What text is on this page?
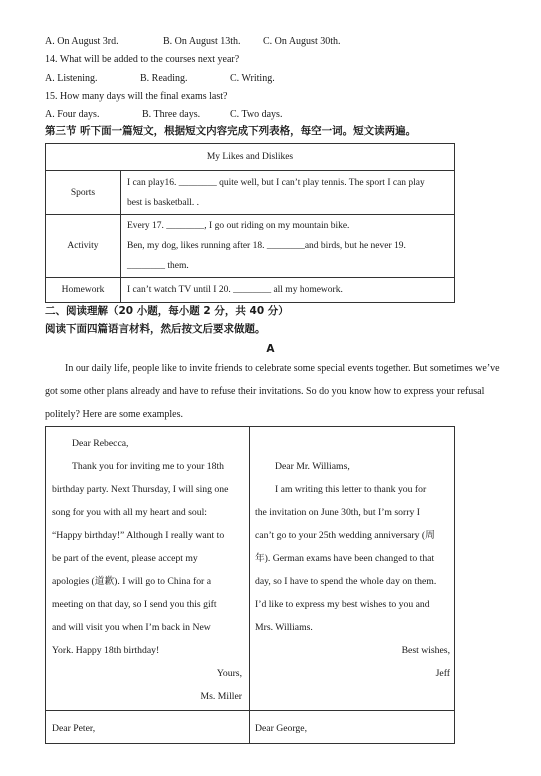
A. On August 3rd.	B. On August 13th. C. On August 30th.
14. What will be added to the courses next year?
A. Listening.	B. Reading.	C. Writing.
15. How many days will the final exams last?
A. Four days.	B. Three days.	C. Two days.
第三节 听下面一篇短文，根据短文内容完成下列表格，每空一词。短文读两遍。
My Likes and Dislikes	
Sports	I can play16. ________ quite well, but I can’t play tennis. The sport I can play
best is basketball. .

Activity	Every 17. ________, I go out riding on my mountain bike.
Ben, my dog, likes running after 18. ________and birds, but he never 19.
________ them.

Homework	I can’t watch TV until I 20. ________ all my homework.
二、阅读理解（20 小题，每小题 2 分，共 40 分）
阅读下面四篇语言材料，然后按文后要求做题。
A
In our daily life, people like to invite friends to celebrate some special events together. But sometimes we’ve
got some other plans already and have to refuse their invitations. So do you know how to express your refusal
politely? Here are some examples.
Dear Rebecca,
Thank you for inviting me to your 18th
birthday party. Next Thursday, I will sing one
song for you with all my heart and soul:
“Happy birthday!” Although I really want to
be part of the event, please accept my
apologies (道歉). I will go to China for a
meeting on that day, so I send you this gift
and will visit you when I’m back in New
York. Happy 18th birthday!
Yours,
Ms. Miller
Dear Mr. Williams,
I am writing this letter to thank you for
the invitation on June 30th, but I’m sorry I
can’t go to your 25th wedding anniversary (周
年). German exams have been changed to that
day, so I have to spend the whole day on them.
I’d like to express my best wishes to you and
Mrs. Williams.
Best wishes,
Jeff
Dear Peter,	Dear George,
